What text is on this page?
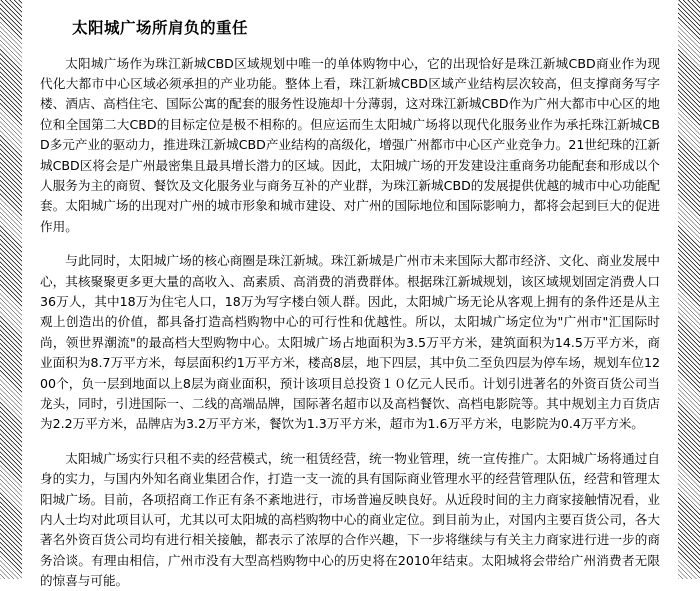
太阳城广场所肩负的重任

太阳城广场作为珠江新城CBD区域规划中唯一的单体购物中心，它的出现恰好是珠江新城CBD商业作为现代化大都市中心区域必须承担的产业功能。整体上看，珠江新城CBD区域产业结构层次较高，但支撑商务写字楼、酒店、高档住宅、国际公寓的配套的服务性设施却十分薄弱，这对珠江新城CBD作为广州大都市中心区的地位和全国第二大CBD的目标定位是极不相称的。但应运而生太阳城广场将以现代化服务业作为承托珠江新城CBD多元产业的驱动力，推进珠江新城CBD产业结构的高级化，增强广州都市中心区产业竞争力。21世纪珠的江新城CBD区将会是广州最密集且最具增长潜力的区域。因此，太阳城广场的开发建设注重商务功能配套和形成以个人服务为主的商贸、餐饮及文化服务业与商务互补的产业群，为珠江新城CBD的发展提供优越的城市中心功能配套。太阳城广场的出现对广州的城市形象和城市建设、对广州的国际地位和国际影响力，都将会起到巨大的促进作用。

与此同时，太阳城广场的核心商圈是珠江新城。珠江新城是广州市未来国际大都市经济、文化、商业发展中心，其核聚聚更多更大量的高收入、高素质、高消费的消费群体。根据珠江新城规划，该区域规划固定消费人口36万人，其中18万为住宅人口，18万为写字楼白领人群。因此，太阳城广场无论从客观上拥有的条件还是从主观上创造出的价值，都具备打造高档购物中心的可行性和优越性。所以，太阳城广场定位为"广州市"汇国际时尚，领世界潮流"的最高档大型购物中心。太阳城广场占地面积为3.5万平方米，建筑面积为14.5万平方米，商业面积为8.7万平方米，每层面积约1万平方米，楼高8层，地下四层，其中负二至负四层为停车场，规划车位1200个，负一层到地面以上8层为商业面积，预计该项目总投资１０亿元人民币。计划引进著名的外资百货公司当龙头，同时，引进国际一、二线的高端品牌，国际著名超市以及高档餐饮、高档电影院等。其中规划主力百货店为2.2万平方米，品牌店为3.2万平方米，餐饮为1.3万平方米，超市为1.6万平方米，电影院为0.4万平方米。

太阳城广场实行只租不卖的经营模式，统一租赁经营，统一物业管理，统一宣传推广。太阳城广场将通过自身的实力，与国内外知名商业集团合作，打造一支一流的具有国际商业管理水平的经营管理队伍，经营和管理太阳城广场。目前，各项招商工作正有条不紊地进行，市场普遍反映良好。从近段时间的主力商家接触情况看，业内人士均对此项目认可，尤其以可太阳城的高档购物中心的商业定位。到目前为止，对国内主要百货公司，各大著名外资百货公司均有进行相关接触，都表示了浓厚的合作兴趣，下一步将继续与有关主力商家进行进一步的商务洽谈。有理由相信，广州市没有大型高档购物中心的历史将在2010年结束。太阳城将会带给广州消费者无限的惊喜与可能。
